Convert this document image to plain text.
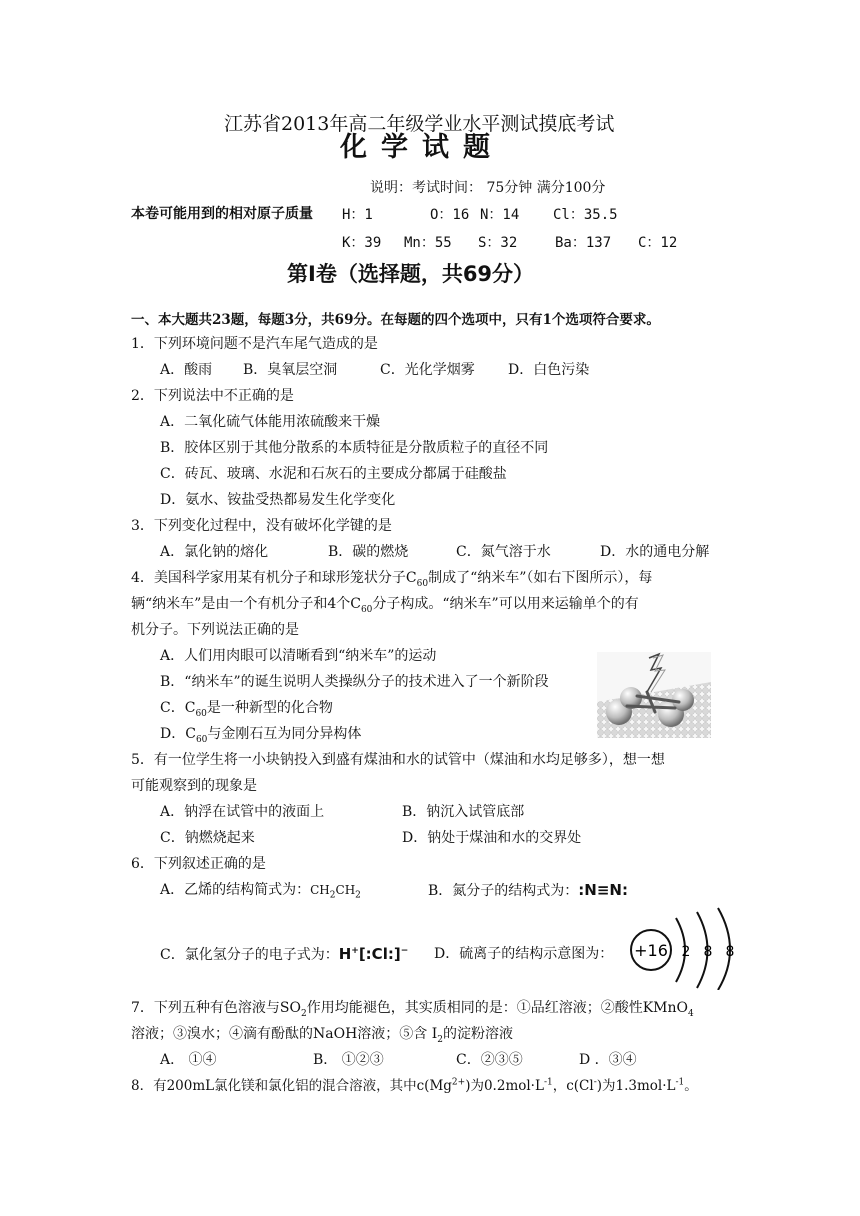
江苏省2013年高二年级学业水平测试摸底考试
化学试题
说明：考试时间： 75分钟 满分100分
本卷可能用到的相对原子质量 H：1	O：16 N：14 Cl：35.5
K：39 Mn：55 S：32	Ba：137 C：12
第Ⅰ卷（选择题，共69分）
一、本大题共23题，每题3分，共69分。在每题的四个选项中，只有1个选项符合要求。
1．下列环境问题不是汽车尾气造成的是
A．酸雨 B．臭氧层空洞	C．光化学烟雾 D．白色污染
2．下列说法中不正确的是
A．二氧化硫气体能用浓硫酸来干燥
B．胶体区别于其他分散系的本质特征是分散质粒子的直径不同
C．砖瓦、玻璃、水泥和石灰石的主要成分都属于硅酸盐
D．氨水、铵盐受热都易发生化学变化
3．下列变化过程中，没有破坏化学键的是
A．氯化钠的熔化	B．碳的燃烧	C．氮气溶于水	D．水的通电分解
4．美国科学家用某有机分子和球形笼状分子$C_{60}$制成了“纳米车”（如右下图所示），每
辆“纳米车”是由一个有机分子和4个$C_{60}$分子构成。“纳米车”可以用来运输单个的有
机分子。下列说法正确的是
A．人们用肉眼可以清晰看到“纳米车”的运动
B．“纳米车”的诞生说明人类操纵分子的技术进入了一个新阶段
C．$C_{60}$是一种新型的化合物
D．$C_{60}$与金刚石互为同分异构体
5．有一位学生将一小块钠投入到盛有煤油和水的试管中（煤油和水均足够多），想一想
可能观察到的现象是
A．钠浮在试管中的液面上	B．钠沉入试管底部
C．钠燃烧起来	D．钠处于煤油和水的交界处
6．下列叙述正确的是
A．乙烯的结构简式为：$CH_2CH_2$	B．氮分子的结构式为：:N≡N:
C．氯化氢分子的电子式为：H+[:Cl:]− D．硫离子的结构示意图为： +16 2 8 8
7．下列五种有色溶液与$SO_2$作用均能褪色，其实质相同的是：①品红溶液；②酸性KMnO$_4$
溶液；③溴水；④滴有酚酞的NaOH溶液；⑤含 $I_2$的淀粉溶液
A． ①④	B． ①②③	C．②③⑤	D ．③④
8．有200mL氯化镁和氯化铝的混合溶液，其中$c(Mg^{2+})$为$0.2mol\cdot L^{-1}$，c(Cl-)为$1.3mol\cdot L^{-1}$。
